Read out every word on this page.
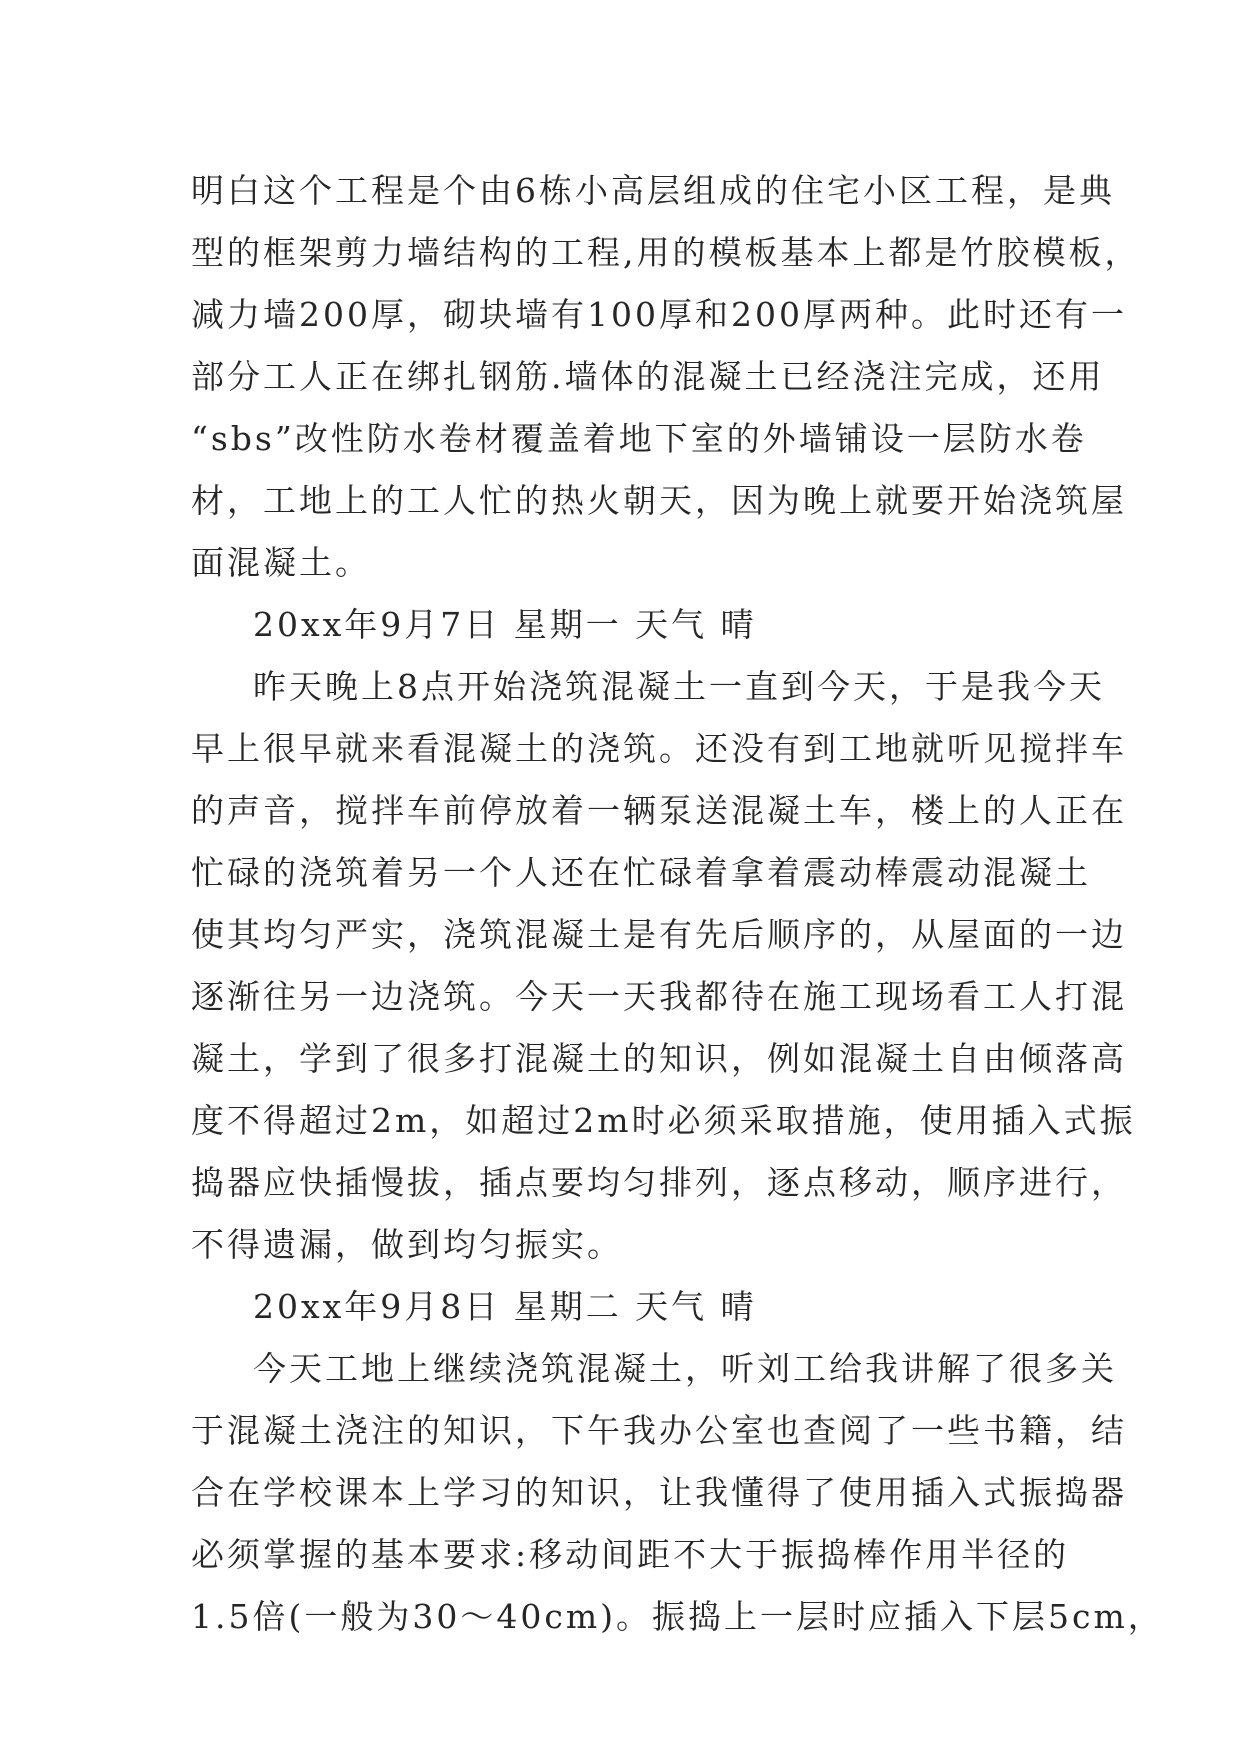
明白这个工程是个由6栋小高层组成的住宅小区工程，是典
型的框架剪力墙结构的工程,用的模板基本上都是竹胶模板，
减力墙200厚，砌块墙有100厚和200厚两种。此时还有一
部分工人正在绑扎钢筋.墙体的混凝土已经浇注完成，还用
“sbs”改性防水卷材覆盖着地下室的外墙铺设一层防水卷
材，工地上的工人忙的热火朝天，因为晚上就要开始浇筑屋
面混凝土。
20xx年9月7日 星期一 天气 晴
昨天晚上8点开始浇筑混凝土一直到今天，于是我今天
早上很早就来看混凝土的浇筑。还没有到工地就听见搅拌车
的声音，搅拌车前停放着一辆泵送混凝土车，楼上的人正在
忙碌的浇筑着另一个人还在忙碌着拿着震动棒震动混凝土
使其均匀严实，浇筑混凝土是有先后顺序的，从屋面的一边
逐渐往另一边浇筑。今天一天我都待在施工现场看工人打混
凝土，学到了很多打混凝土的知识，例如混凝土自由倾落高
度不得超过2m，如超过2m时必须采取措施，使用插入式振
捣器应快插慢拔，插点要均匀排列，逐点移动，顺序进行，
不得遗漏，做到均匀振实。
20xx年9月8日 星期二 天气 晴
今天工地上继续浇筑混凝土，听刘工给我讲解了很多关
于混凝土浇注的知识，下午我办公室也查阅了一些书籍，结
合在学校课本上学习的知识，让我懂得了使用插入式振捣器
必须掌握的基本要求:移动间距不大于振捣棒作用半径的
1.5倍(一般为30～40cm)。振捣上一层时应插入下层5cm，
